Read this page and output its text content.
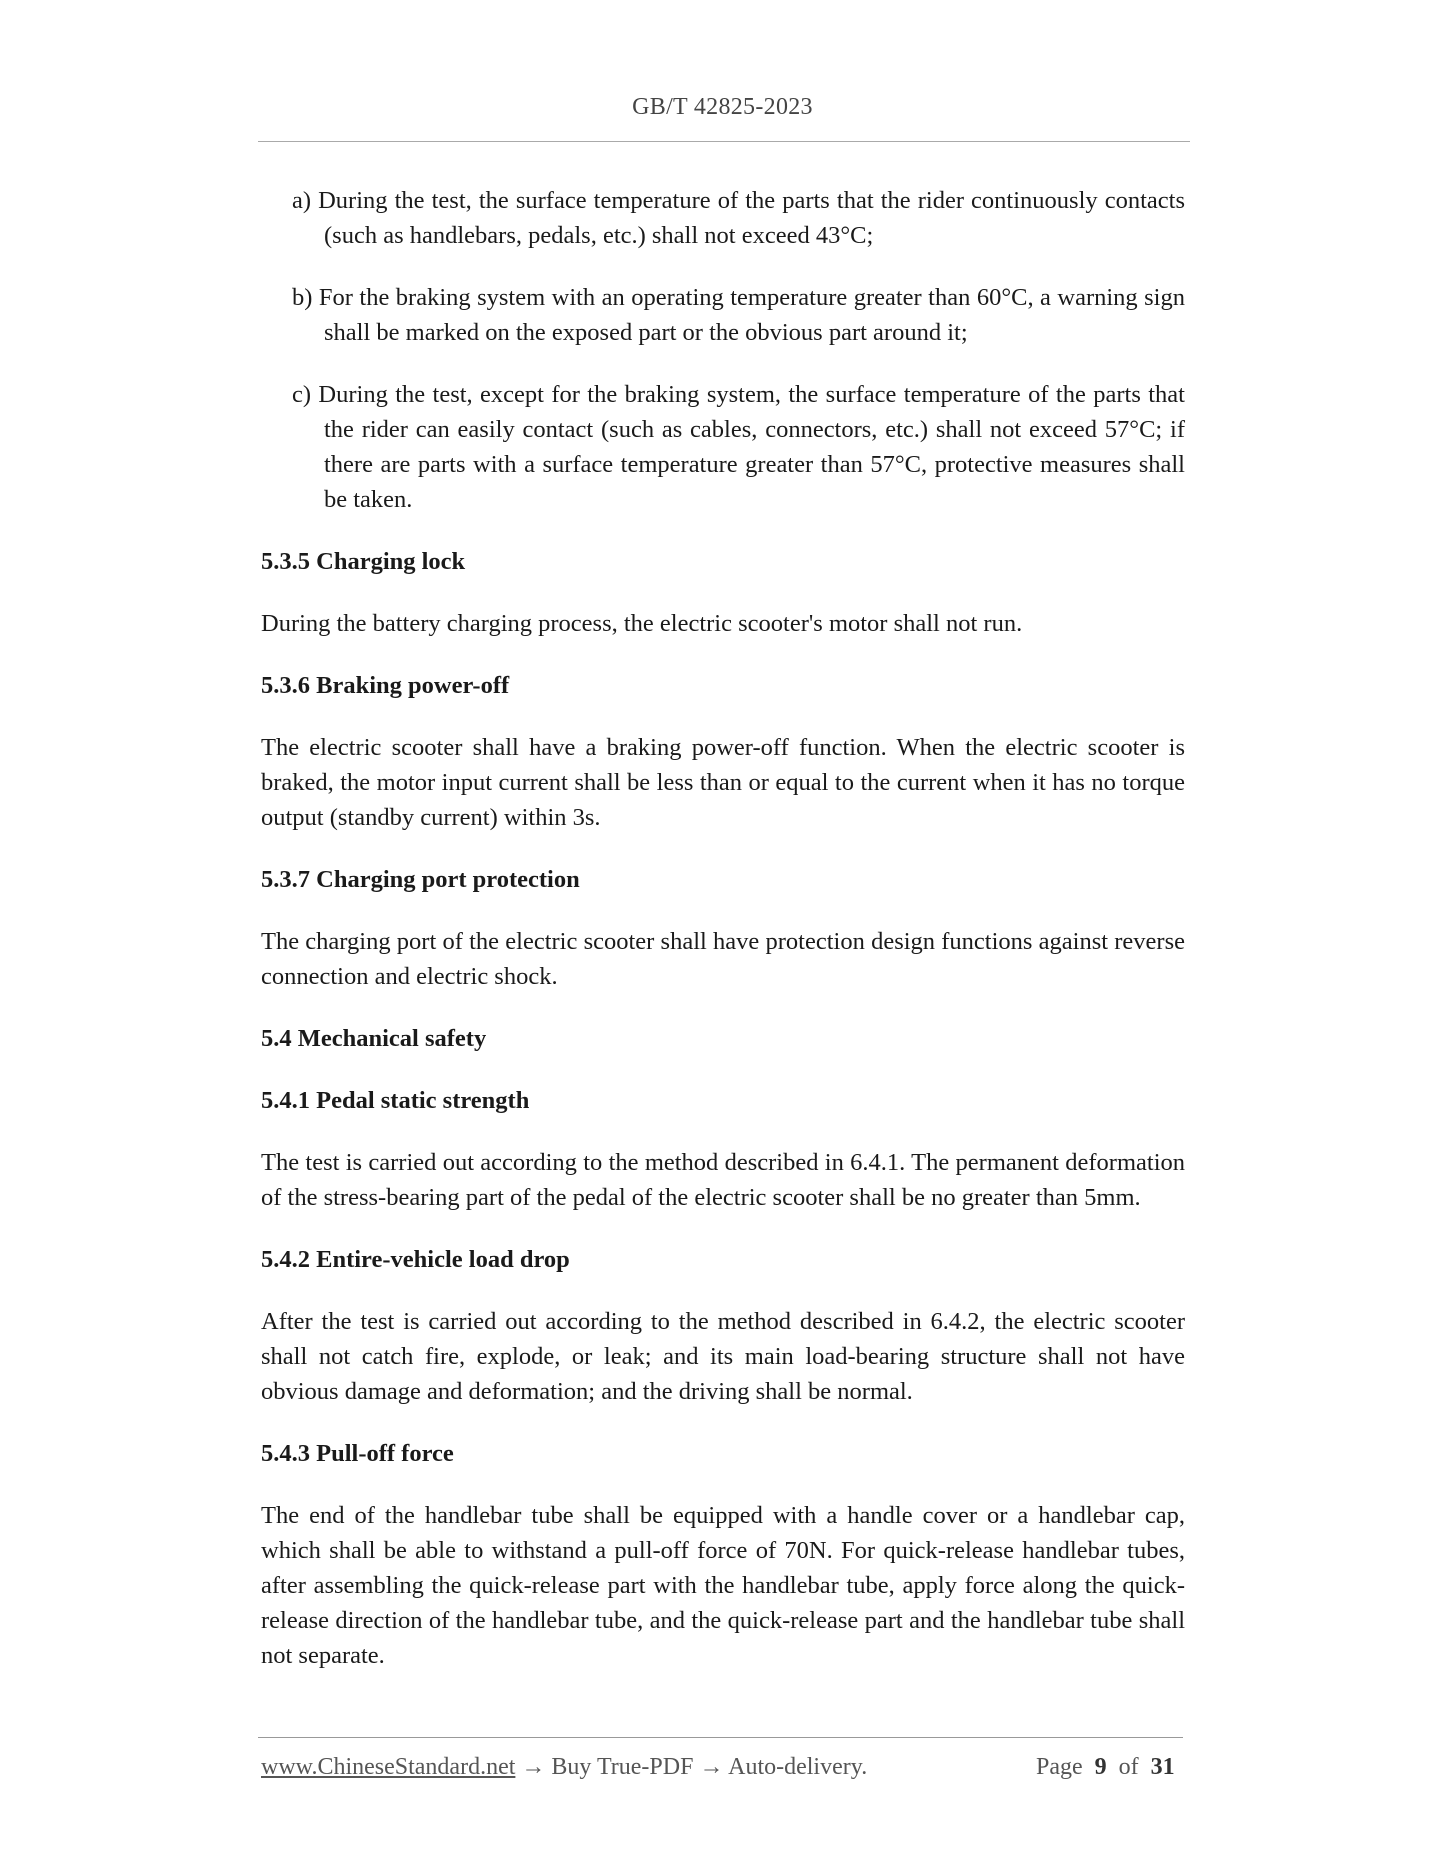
GB/T 42825-2023

a) During the test, the surface temperature of the parts that the rider continuously contacts (such as handlebars, pedals, etc.) shall not exceed 43°C;

b) For the braking system with an operating temperature greater than 60°C, a warning sign shall be marked on the exposed part or the obvious part around it;

c) During the test, except for the braking system, the surface temperature of the parts that the rider can easily contact (such as cables, connectors, etc.) shall not exceed 57°C; if there are parts with a surface temperature greater than 57°C, protective measures shall be taken.

5.3.5 Charging lock

During the battery charging process, the electric scooter's motor shall not run.

5.3.6 Braking power-off

The electric scooter shall have a braking power-off function. When the electric scooter is braked, the motor input current shall be less than or equal to the current when it has no torque output (standby current) within 3s.

5.3.7 Charging port protection

The charging port of the electric scooter shall have protection design functions against reverse connection and electric shock.

5.4 Mechanical safety

5.4.1 Pedal static strength

The test is carried out according to the method described in 6.4.1. The permanent deformation of the stress-bearing part of the pedal of the electric scooter shall be no greater than 5mm.

5.4.2 Entire-vehicle load drop

After the test is carried out according to the method described in 6.4.2, the electric scooter shall not catch fire, explode, or leak; and its main load-bearing structure shall not have obvious damage and deformation; and the driving shall be normal.

5.4.3 Pull-off force

The end of the handlebar tube shall be equipped with a handle cover or a handlebar cap, which shall be able to withstand a pull-off force of 70N. For quick-release handlebar tubes, after assembling the quick-release part with the handlebar tube, apply force along the quick-release direction of the handlebar tube, and the quick-release part and the handlebar tube shall not separate.

www.ChineseStandard.net → Buy True-PDF → Auto-delivery.	Page 9 of 31
